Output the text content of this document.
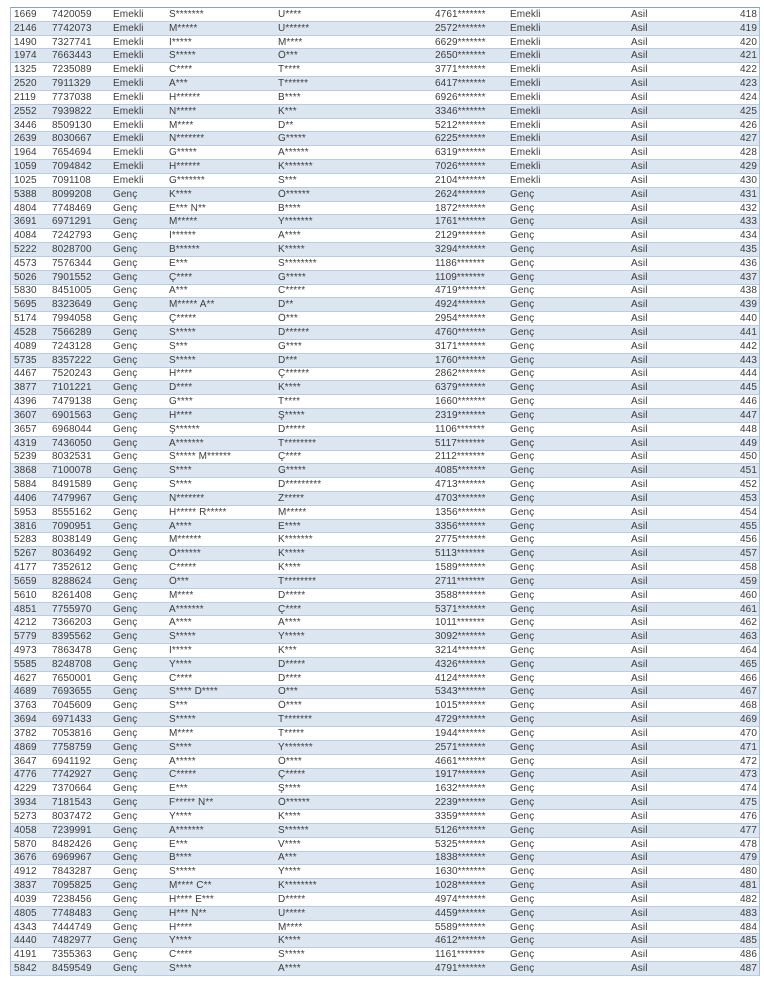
1669	7420059	Emekli	S*******	U****	4761*******	Emekli	Asil	418
2146	7742073	Emekli	M*****	U******	2572*******	Emekli	Asil	419
1490	7327741	Emekli	İ*****	M****	6629*******	Emekli	Asil	420
1974	7663443	Emekli	S*****	Ö***	2650*******	Emekli	Asil	421
1325	7235089	Emekli	C****	T****	3771*******	Emekli	Asil	422
2520	7911329	Emekli	A***	T******	6417*******	Emekli	Asil	423
2119	7737038	Emekli	H******	B****	6926*******	Emekli	Asil	424
2552	7939822	Emekli	N*****	K***	3346*******	Emekli	Asil	425
3446	8509130	Emekli	M****	D**	5212*******	Emekli	Asil	426
2639	8030667	Emekli	N*******	G*****	6225*******	Emekli	Asil	427
1964	7654694	Emekli	G*****	A******	6319*******	Emekli	Asil	428
1059	7094842	Emekli	H******	K*******	7026*******	Emekli	Asil	429
1025	7091108	Emekli	G*******	S***	2104*******	Emekli	Asil	430
5388	8099208	Genç	K****	Ö******	2624*******	Genç	Asil	431
4804	7748469	Genç	E*** N**	B****	1872*******	Genç	Asil	432
3691	6971291	Genç	M*****	Y*******	1761*******	Genç	Asil	433
4084	7242793	Genç	İ******	A****	2129*******	Genç	Asil	434
5222	8028700	Genç	B******	K*****	3294*******	Genç	Asil	435
4573	7576344	Genç	E***	S********	1186*******	Genç	Asil	436
5026	7901552	Genç	Ç****	G*****	1109*******	Genç	Asil	437
5830	8451005	Genç	A***	C*****	4719*******	Genç	Asil	438
5695	8323649	Genç	M***** A**	D**	4924*******	Genç	Asil	439
5174	7994058	Genç	Ç*****	Ö***	2954*******	Genç	Asil	440
4528	7566289	Genç	S*****	D******	4760*******	Genç	Asil	441
4089	7243128	Genç	S***	G****	3171*******	Genç	Asil	442
5735	8357222	Genç	S*****	D***	1760*******	Genç	Asil	443
4467	7520243	Genç	H****	Ç******	2862*******	Genç	Asil	444
3877	7101221	Genç	D****	K****	6379*******	Genç	Asil	445
4396	7479138	Genç	G****	T****	1660*******	Genç	Asil	446
3607	6901563	Genç	H****	Ş*****	2319*******	Genç	Asil	447
3657	6968044	Genç	Ş******	D*****	1106*******	Genç	Asil	448
4319	7436050	Genç	A*******	T********	5117*******	Genç	Asil	449
5239	8032531	Genç	S***** M******	Ç****	2112*******	Genç	Asil	450
3868	7100078	Genç	S****	G*****	4085*******	Genç	Asil	451
5884	8491589	Genç	S****	D*********	4713*******	Genç	Asil	452
4406	7479967	Genç	N*******	Z*****	4703*******	Genç	Asil	453
5953	8555162	Genç	H***** R*****	M*****	1356*******	Genç	Asil	454
3816	7090951	Genç	A****	E****	3356*******	Genç	Asil	455
5283	8038149	Genç	M******	K*******	2775*******	Genç	Asil	456
5267	8036492	Genç	Ö******	K*****	5113*******	Genç	Asil	457
4177	7352612	Genç	C*****	K****	1589*******	Genç	Asil	458
5659	8288624	Genç	Ö***	T********	2711*******	Genç	Asil	459
5610	8261408	Genç	M****	D*****	3588*******	Genç	Asil	460
4851	7755970	Genç	A*******	Ç****	5371*******	Genç	Asil	461
4212	7366203	Genç	A****	A****	1011*******	Genç	Asil	462
5779	8395562	Genç	S*****	Y*****	3092*******	Genç	Asil	463
4973	7863478	Genç	İ*****	K***	3214*******	Genç	Asil	464
5585	8248708	Genç	Y****	D*****	4326*******	Genç	Asil	465
4627	7650001	Genç	C****	D****	4124*******	Genç	Asil	466
4689	7693655	Genç	S**** D****	O***	5343*******	Genç	Asil	467
3763	7045609	Genç	S***	Ö****	1015*******	Genç	Asil	468
3694	6971433	Genç	S*****	T*******	4729*******	Genç	Asil	469
3782	7053816	Genç	M****	T*****	1944*******	Genç	Asil	470
4869	7758759	Genç	S****	Y*******	2571*******	Genç	Asil	471
3647	6941192	Genç	A*****	Ö****	4661*******	Genç	Asil	472
4776	7742927	Genç	C*****	Ç*****	1917*******	Genç	Asil	473
4229	7370664	Genç	E***	Ş****	1632*******	Genç	Asil	474
3934	7181543	Genç	F***** N**	Ö******	2239*******	Genç	Asil	475
5273	8037472	Genç	Y****	K****	3359*******	Genç	Asil	476
4058	7239991	Genç	A*******	S******	5126*******	Genç	Asil	477
5870	8482426	Genç	E***	V****	5325*******	Genç	Asil	478
3676	6969967	Genç	B****	A***	1838*******	Genç	Asil	479
4912	7843287	Genç	S*****	Y****	1630*******	Genç	Asil	480
3837	7095825	Genç	M**** C**	K********	1028*******	Genç	Asil	481
4039	7238456	Genç	H**** E***	D*****	4974*******	Genç	Asil	482
4805	7748483	Genç	H*** N**	U*****	4459*******	Genç	Asil	483
4343	7444749	Genç	H****	M****	5589*******	Genç	Asil	484
4440	7482977	Genç	Y****	K****	4612*******	Genç	Asil	485
4191	7355363	Genç	C****	S*****	1161*******	Genç	Asil	486
5842	8459549	Genç	S****	A****	4791*******	Genç	Asil	487
